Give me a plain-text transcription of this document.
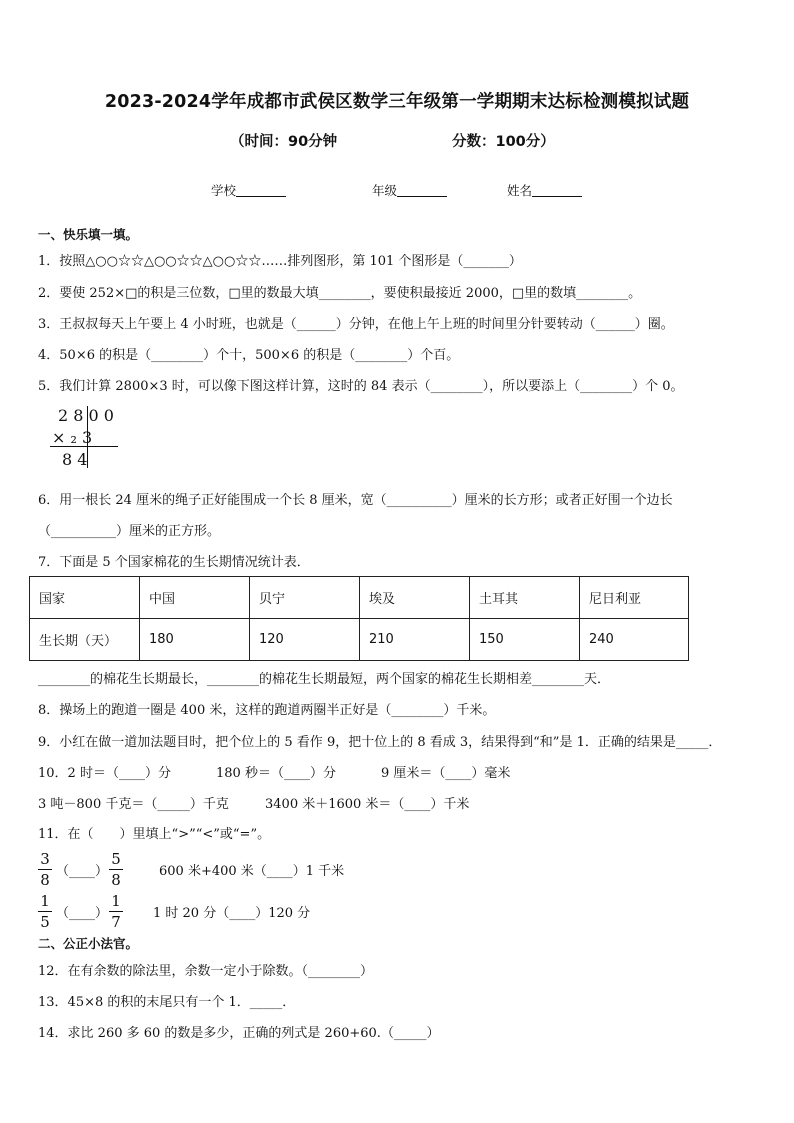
2023-2024学年成都市武侯区数学三年级第一学期期末达标检测模拟试题
（时间：90分钟	分数：100分）
学校	年级	姓名
一、快乐填一填。
1．按照△○○☆☆△○○☆☆△○○☆☆……排列图形，第 101 个图形是（_______）
2．要使 252×□的积是三位数，□里的数最大填________，要使积最接近 2000，□里的数填________。
3．王叔叔每天上午要上 4 小时班，也就是（______）分钟，在他上午上班的时间里分针要转动（______）圈。
4．50×6 的积是（________）个十，500×6 的积是（________）个百。
5．我们计算 2800×3 时，可以像下图这样计算，这时的 84 表示（________），所以要添上（________）个 0。
2 8 0 0
× ₂ 3
8 4
6．用一根长 24 厘米的绳子正好能围成一个长 8 厘米，宽（__________）厘米的长方形；或者正好围一个边长
（__________）厘米的正方形。
7．下面是 5 个国家棉花的生长期情况统计表．
国家	中国	贝宁	埃及	土耳其	尼日利亚
生长期（天）	180	120	210	150	240
________的棉花生长期最长，________的棉花生长期最短，两个国家的棉花生长期相差________天．
8．操场上的跑道一圈是 400 米，这样的跑道两圈半正好是（________）千米。
9．小红在做一道加法题目时，把个位上的 5 看作 9，把十位上的 8 看成 3，结果得到“和”是 1．正确的结果是_____．
10．2 时＝（____）分	180 秒＝（____）分	9 厘米＝（____）毫米
3 吨－800 千克＝（_____）千克	3400 米＋1600 米＝（____）千米
11．在（　　）里填上“>”“<”或“=”。
3
8 （____）
5
8	600 米+400 米（____）1 千米
1
5 （____）
1
7 1 时 20 分（____）120 分
二、公正小法官。
12．在有余数的除法里，余数一定小于除数。（________）
13．45×8 的积的末尾只有一个 1．_____．
14．求比 260 多 60 的数是多少，正确的列式是 260+60.（_____）
